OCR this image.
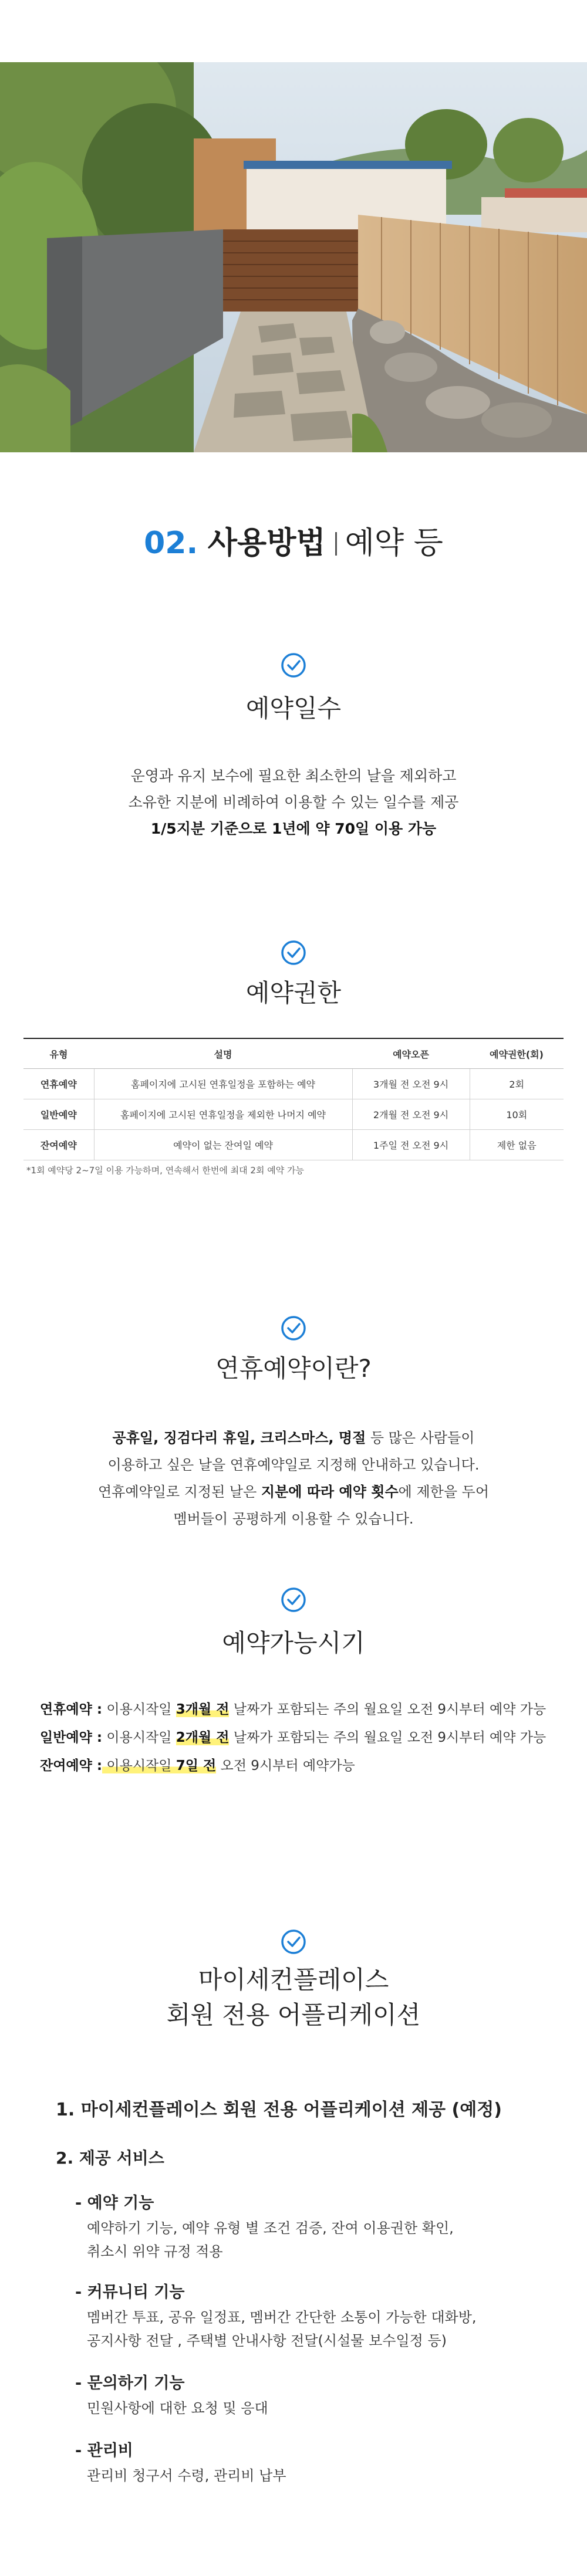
02. 사용방법 예약 등
예약일수
운영과 유지 보수에 필요한 최소한의 날을 제외하고
소유한 지분에 비례하여 이용할 수 있는 일수를 제공
1/5지분 기준으로 1년에 약 70일 이용 가능
예약권한
유형	설명	예약오픈	예약권한(회)
연휴예약	홈페이지에 고시된 연휴일정을 포함하는 예약	3개월 전 오전 9시	2회
일반예약	홈페이지에 고시된 연휴일정을 제외한 나머지 예약	2개월 전 오전 9시	10회
잔여예약	예약이 없는 잔여일 예약	1주일 전 오전 9시	제한 없음
*1회 예약당 2~7일 이용 가능하며, 연속해서 한번에 최대 2회 예약 가능
연휴예약이란?
공휴일, 징검다리 휴일, 크리스마스, 명절 등 많은 사람들이
이용하고 싶은 날을 연휴예약일로 지정해 안내하고 있습니다.
연휴예약일로 지정된 날은 지분에 따라 예약 횟수에 제한을 두어
멤버들이 공평하게 이용할 수 있습니다.
예약가능시기
연휴예약 : 이용시작일 3개월 전 날짜가 포함되는 주의 월요일 오전 9시부터 예약 가능
일반예약 : 이용시작일 2개월 전 날짜가 포함되는 주의 월요일 오전 9시부터 예약 가능
잔여예약 : 이용시작일 7일 전 오전 9시부터 예약가능
마이세컨플레이스
회원 전용 어플리케이션
1. 마이세컨플레이스 회원 전용 어플리케이션 제공 (예정)
2. 제공 서비스
- 예약 기능
예약하기 기능, 예약 유형 별 조건 검증, 잔여 이용권한 확인,
취소시 위약 규정 적용
- 커뮤니티 기능
멤버간 투표, 공유 일정표, 멤버간 간단한 소통이 가능한 대화방,
공지사항 전달 , 주택별 안내사항 전달(시설물 보수일정 등)
- 문의하기 기능
민원사항에 대한 요청 및 응대
- 관리비
관리비 청구서 수령, 관리비 납부
